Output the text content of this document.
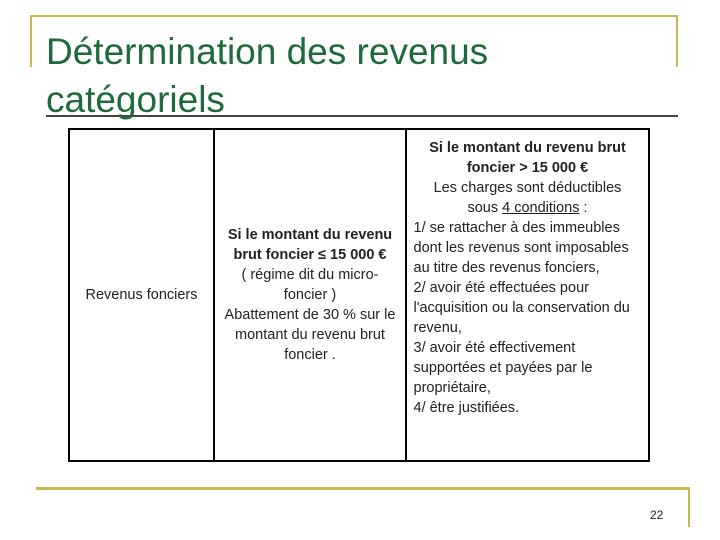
Détermination des revenus catégoriels
Revenus fonciers
Si le montant du revenu brut foncier ≤ 15 000 €
( régime dit du micro-foncier )
Abattement de 30 % sur le montant du revenu brut foncier .
Si le montant du revenu brut foncier > 15 000 €
Les charges sont déductibles
sous 4 conditions :
1/ se rattacher à des immeubles dont les revenus sont imposables au titre des revenus fonciers,
2/ avoir été effectuées pour l'acquisition ou la conservation du revenu,
3/ avoir été effectivement supportées et payées par le propriétaire,
4/ être justifiées.
22
